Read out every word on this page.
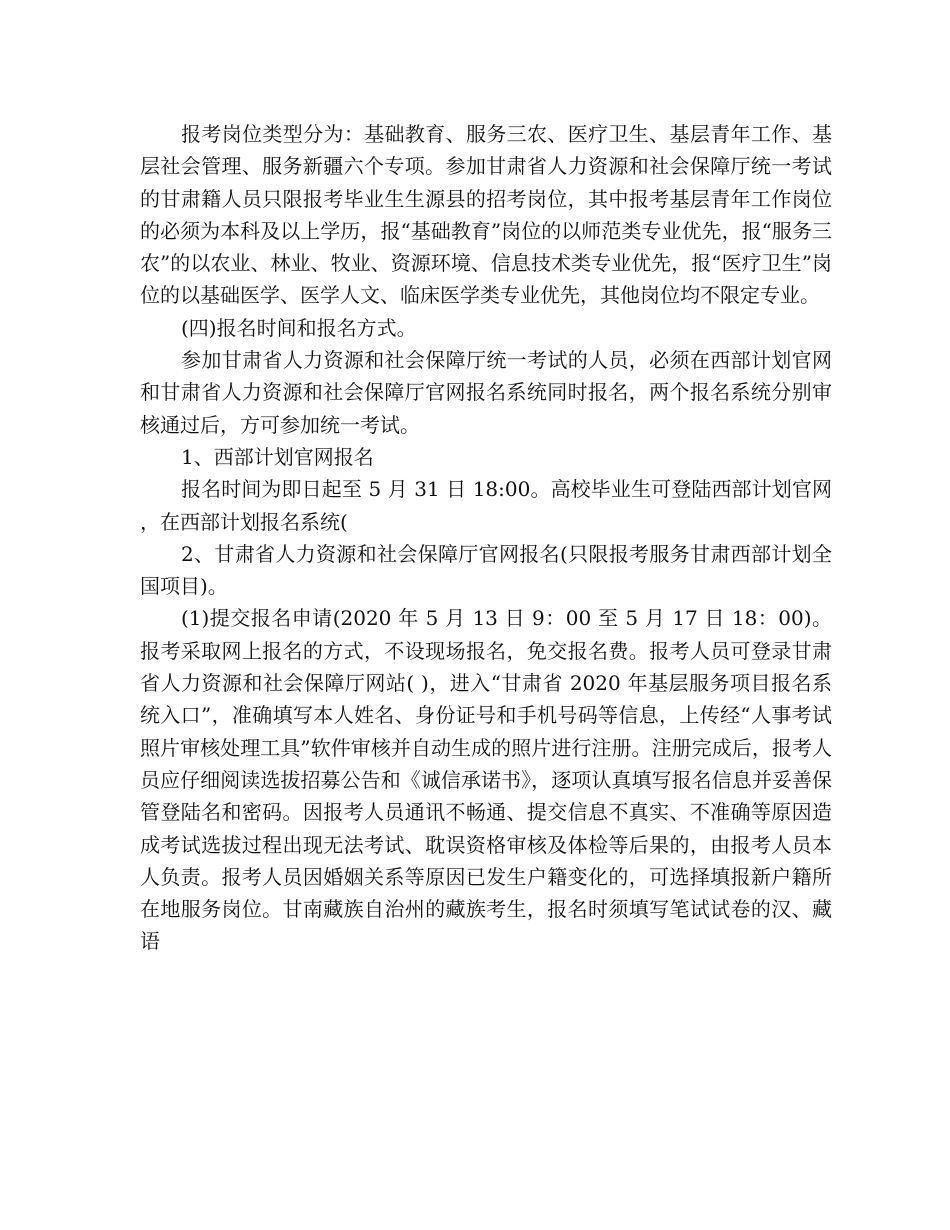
报考岗位类型分为：基础教育、服务三农、医疗卫生、基层青年工作、基层社会管理、服务新疆六个专项。参加甘肃省人力资源和社会保障厅统一考试的甘肃籍人员只限报考毕业生生源县的招考岗位，其中报考基层青年工作岗位的必须为本科及以上学历，报“基础教育”岗位的以师范类专业优先，报“服务三农”的以农业、林业、牧业、资源环境、信息技术类专业优先，报“医疗卫生”岗位的以基础医学、医学人文、临床医学类专业优先，其他岗位均不限定专业。

(四)报名时间和报名方式。

参加甘肃省人力资源和社会保障厅统一考试的人员，必须在西部计划官网和甘肃省人力资源和社会保障厅官网报名系统同时报名，两个报名系统分别审核通过后，方可参加统一考试。

1、西部计划官网报名

报名时间为即日起至 5 月 31 日 18:00。高校毕业生可登陆西部计划官网，在西部计划报名系统(

2、甘肃省人力资源和社会保障厅官网报名(只限报考服务甘肃西部计划全国项目)。

(1)提交报名申请(2020 年 5 月 13 日 9：00 至 5 月 17 日 18：00)。报考采取网上报名的方式，不设现场报名，免交报名费。报考人员可登录甘肃省人力资源和社会保障厅网站( )，进入“甘肃省 2020 年基层服务项目报名系统入口”，准确填写本人姓名、身份证号和手机号码等信息，上传经“人事考试照片审核处理工具”软件审核并自动生成的照片进行注册。注册完成后，报考人员应仔细阅读选拔招募公告和《诚信承诺书》，逐项认真填写报名信息并妥善保管登陆名和密码。因报考人员通讯不畅通、提交信息不真实、不准确等原因造成考试选拔过程出现无法考试、耽误资格审核及体检等后果的，由报考人员本人负责。报考人员因婚姻关系等原因已发生户籍变化的，可选择填报新户籍所在地服务岗位。甘南藏族自治州的藏族考生，报名时须填写笔试试卷的汉、藏语
